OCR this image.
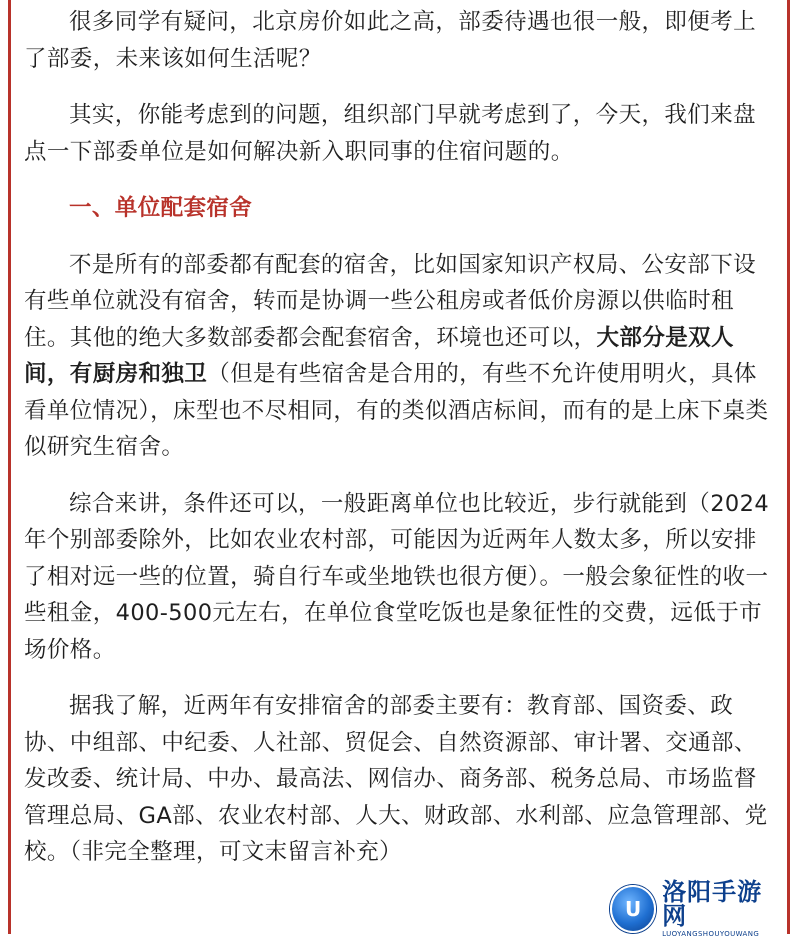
很多同学有疑问，北京房价如此之高，部委待遇也很一般，即便考上了部委，未来该如何生活呢？

其实，你能考虑到的问题，组织部门早就考虑到了，今天，我们来盘点一下部委单位是如何解决新入职同事的住宿问题的。

一、单位配套宿舍

不是所有的部委都有配套的宿舍，比如国家知识产权局、公安部下设有些单位就没有宿舍，转而是协调一些公租房或者低价房源以供临时租住。其他的绝大多数部委都会配套宿舍，环境也还可以，大部分是双人间，有厨房和独卫（但是有些宿舍是合用的，有些不允许使用明火，具体看单位情况），床型也不尽相同，有的类似酒店标间，而有的是上床下桌类似研究生宿舍。

综合来讲，条件还可以，一般距离单位也比较近，步行就能到（2024年个别部委除外，比如农业农村部，可能因为近两年人数太多，所以安排了相对远一些的位置，骑自行车或坐地铁也很方便）。一般会象征性的收一些租金，400-500元左右，在单位食堂吃饭也是象征性的交费，远低于市场价格。

据我了解，近两年有安排宿舍的部委主要有：教育部、国资委、政协、中组部、中纪委、人社部、贸促会、自然资源部、审计署、交通部、发改委、统计局、中办、最高法、网信办、商务部、税务总局、市场监督管理总局、GA部、农业农村部、人大、财政部、水利部、应急管理部、党校。（非完全整理，可文末留言补充）

U
洛阳手游网
LUOYANGSHOUYOUWANG
